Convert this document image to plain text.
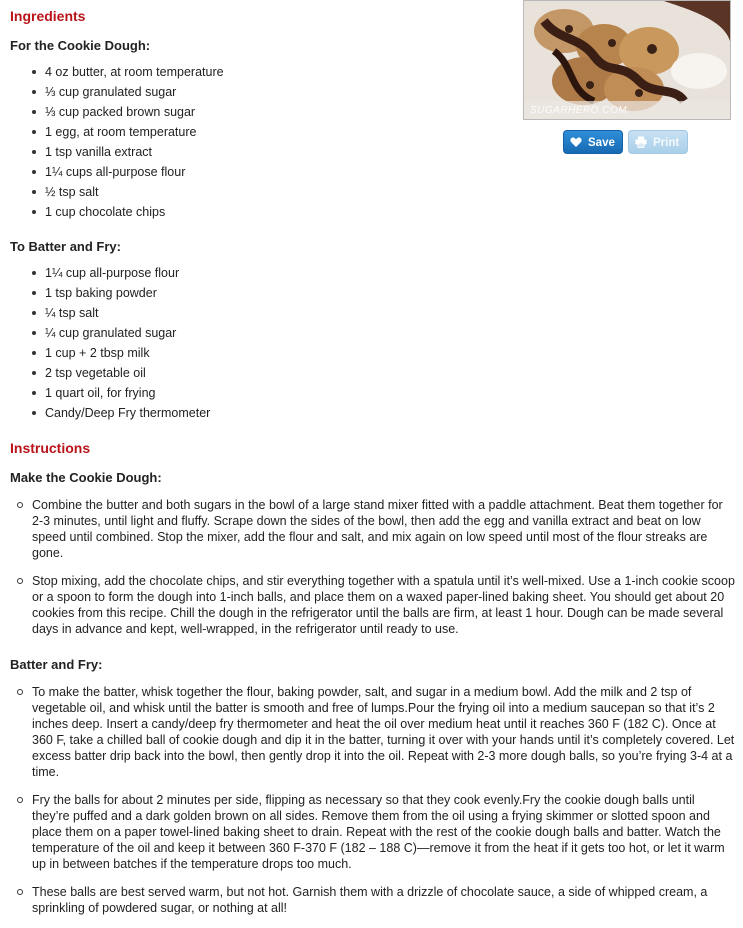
Ingredients
For the Cookie Dough:
4 oz butter, at room temperature
⅓ cup granulated sugar
⅓ cup packed brown sugar
1 egg, at room temperature
1 tsp vanilla extract
1¼ cups all-purpose flour
½ tsp salt
1 cup chocolate chips
To Batter and Fry:
1¼ cup all-purpose flour
1 tsp baking powder
¼ tsp salt
¼ cup granulated sugar
1 cup + 2 tbsp milk
2 tsp vegetable oil
1 quart oil, for frying
Candy/Deep Fry thermometer
SUGARHERO.COM
Save	Print
Instructions
Make the Cookie Dough:
Combine the butter and both sugars in the bowl of a large stand mixer fitted with a paddle attachment. Beat them together for 2-3 minutes, until light and fluffy. Scrape down the sides of the bowl, then add the egg and vanilla extract and beat on low speed until combined. Stop the mixer, add the flour and salt, and mix again on low speed until most of the flour streaks are gone.
Stop mixing, add the chocolate chips, and stir everything together with a spatula until it’s well-mixed. Use a 1-inch cookie scoop or a spoon to form the dough into 1-inch balls, and place them on a waxed paper-lined baking sheet. You should get about 20 cookies from this recipe. Chill the dough in the refrigerator until the balls are firm, at least 1 hour. Dough can be made several days in advance and kept, well-wrapped, in the refrigerator until ready to use.
Batter and Fry:
To make the batter, whisk together the flour, baking powder, salt, and sugar in a medium bowl. Add the milk and 2 tsp of vegetable oil, and whisk until the batter is smooth and free of lumps.Pour the frying oil into a medium saucepan so that it’s 2 inches deep. Insert a candy/deep fry thermometer and heat the oil over medium heat until it reaches 360 F (182 C). Once at 360 F, take a chilled ball of cookie dough and dip it in the batter, turning it over with your hands until it’s completely covered. Let excess batter drip back into the bowl, then gently drop it into the oil. Repeat with 2-3 more dough balls, so you’re frying 3-4 at a time.
Fry the balls for about 2 minutes per side, flipping as necessary so that they cook evenly.Fry the cookie dough balls until they’re puffed and a dark golden brown on all sides. Remove them from the oil using a frying skimmer or slotted spoon and place them on a paper towel-lined baking sheet to drain. Repeat with the rest of the cookie dough balls and batter. Watch the temperature of the oil and keep it between 360 F-370 F (182 – 188 C)—remove it from the heat if it gets too hot, or let it warm up in between batches if the temperature drops too much.
These balls are best served warm, but not hot. Garnish them with a drizzle of chocolate sauce, a side of whipped cream, a sprinkling of powdered sugar, or nothing at all!
